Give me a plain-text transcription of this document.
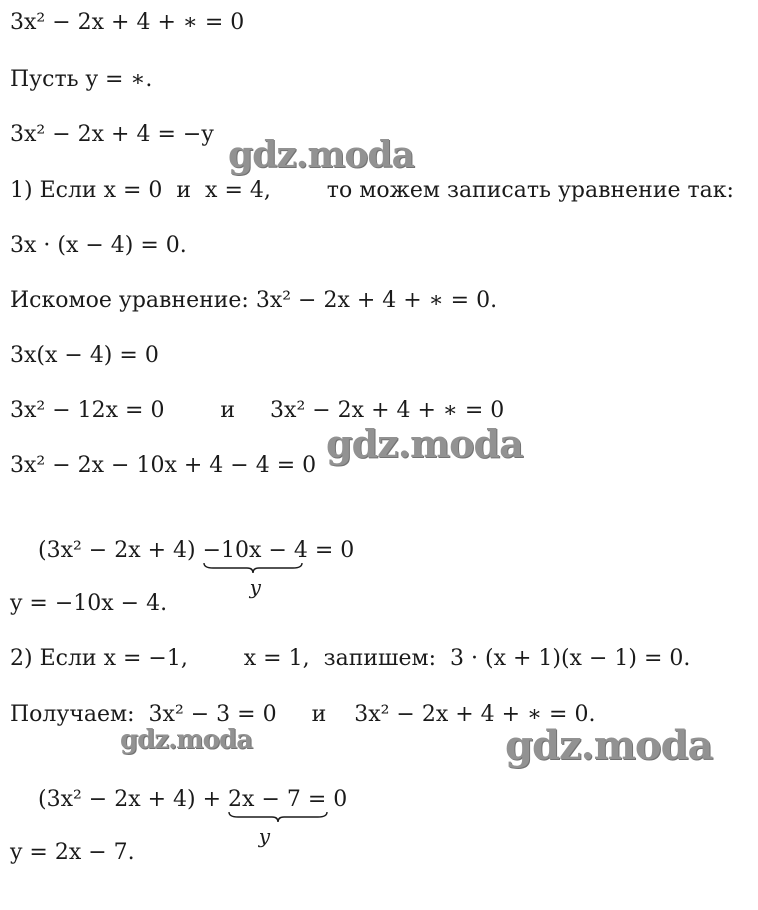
3x² − 2x + 4 + ∗ = 0
Пусть y = ∗.
3x² − 2x + 4 = −y
1) Если x = 0  и  x = 4,        то можем записать уравнение так:
3x · (x − 4) = 0.
Искомое уравнение: 3x² − 2x + 4 + ∗ = 0.
3x(x − 4) = 0
3x² − 12x = 0        и     3x² − 2x + 4 + ∗ = 0
3x² − 2x − 10x + 4 − 4 = 0

(3x² − 2x + 4) −10x − 4
y
= 0

y = −10x − 4.
2) Если x = −1,        x = 1,  запишем:  3 · (x + 1)(x − 1) = 0.
Получаем:  3x² − 3 = 0     и    3x² − 2x + 4 + ∗ = 0.

(3x² − 2x + 4) + 2x − 7
y
= 0

y = 2x − 7.
gdz.moda
gdz.moda
gdz.moda	gdz.moda
